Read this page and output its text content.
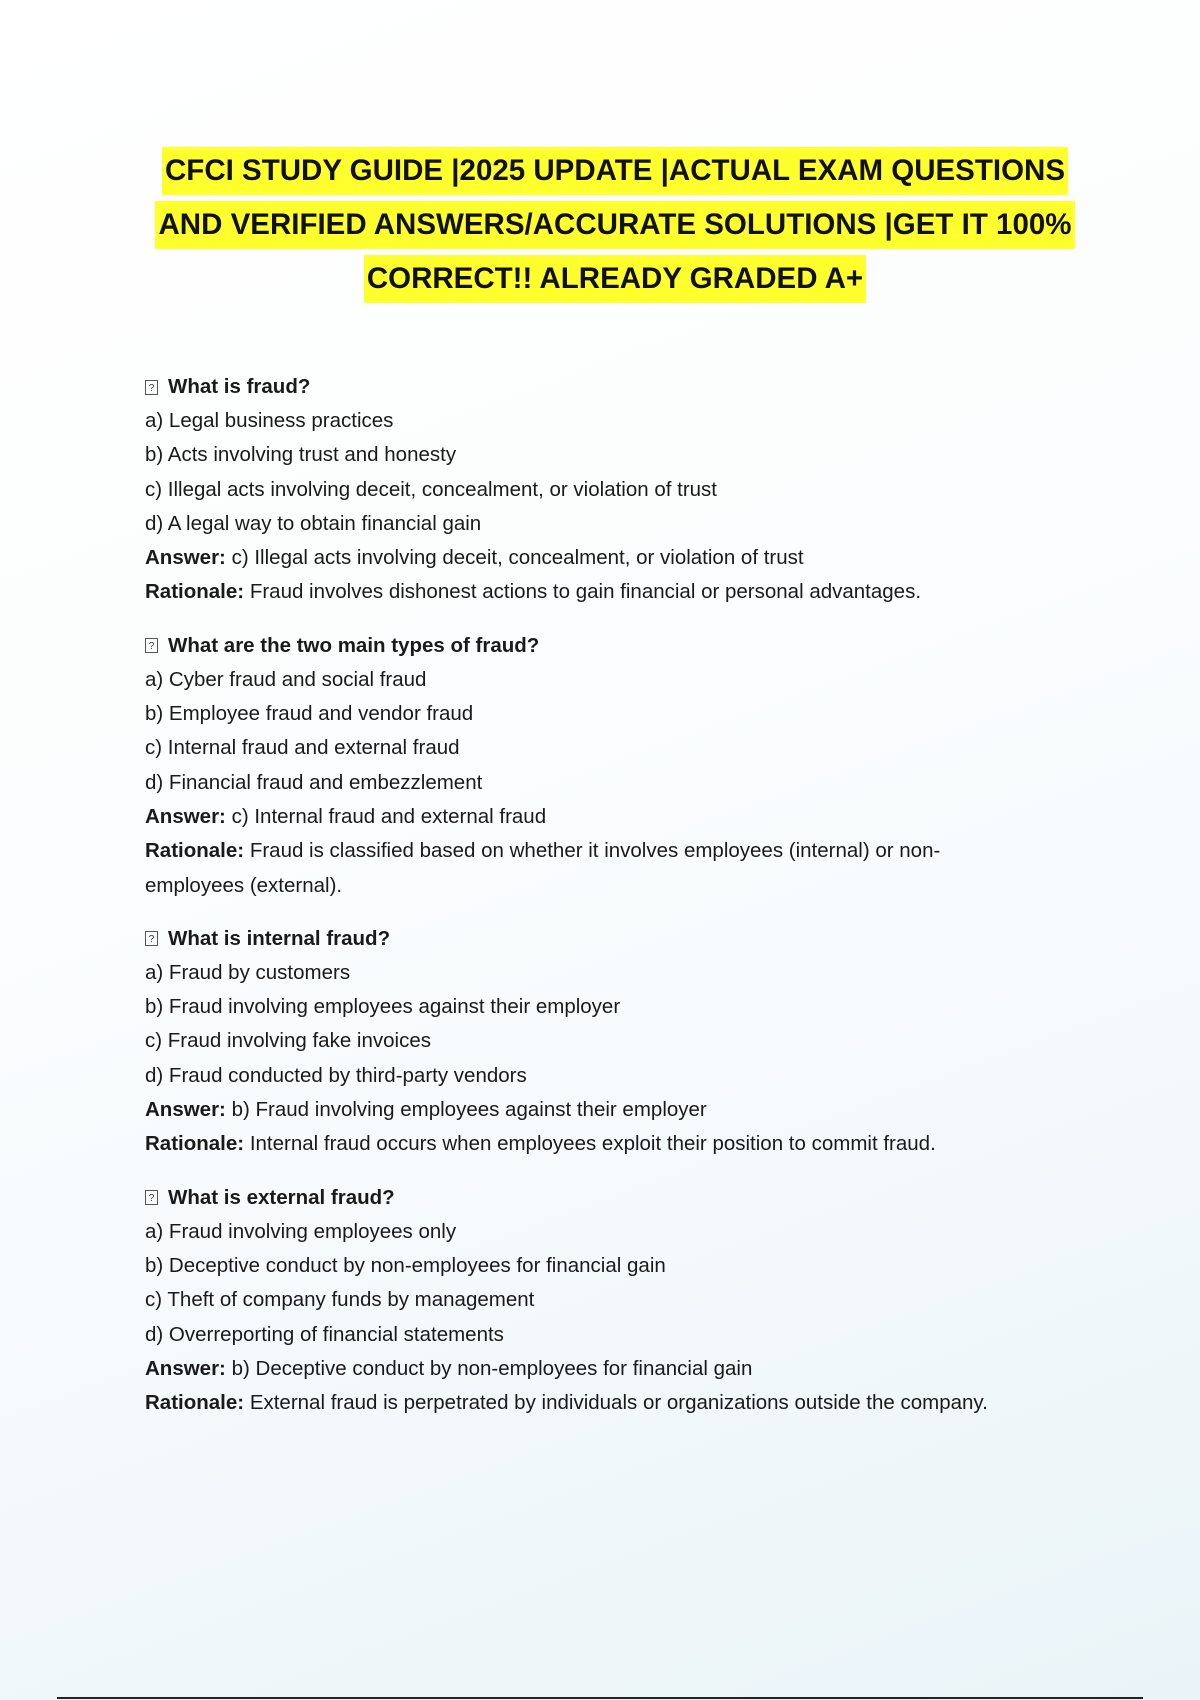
CFCI STUDY GUIDE |2025 UPDATE |ACTUAL EXAM QUESTIONS
AND VERIFIED ANSWERS/ACCURATE SOLUTIONS |GET IT 100%
CORRECT!! ALREADY GRADED A+
? What is fraud?
a) Legal business practices
b) Acts involving trust and honesty
c) Illegal acts involving deceit, concealment, or violation of trust
d) A legal way to obtain financial gain
Answer: c) Illegal acts involving deceit, concealment, or violation of trust
Rationale: Fraud involves dishonest actions to gain financial or personal advantages.
? What are the two main types of fraud?
a) Cyber fraud and social fraud
b) Employee fraud and vendor fraud
c) Internal fraud and external fraud
d) Financial fraud and embezzlement
Answer: c) Internal fraud and external fraud
Rationale: Fraud is classified based on whether it involves employees (internal) or non-employees (external).
? What is internal fraud?
a) Fraud by customers
b) Fraud involving employees against their employer
c) Fraud involving fake invoices
d) Fraud conducted by third-party vendors
Answer: b) Fraud involving employees against their employer
Rationale: Internal fraud occurs when employees exploit their position to commit fraud.
? What is external fraud?
a) Fraud involving employees only
b) Deceptive conduct by non-employees for financial gain
c) Theft of company funds by management
d) Overreporting of financial statements
Answer: b) Deceptive conduct by non-employees for financial gain
Rationale: External fraud is perpetrated by individuals or organizations outside the company.
